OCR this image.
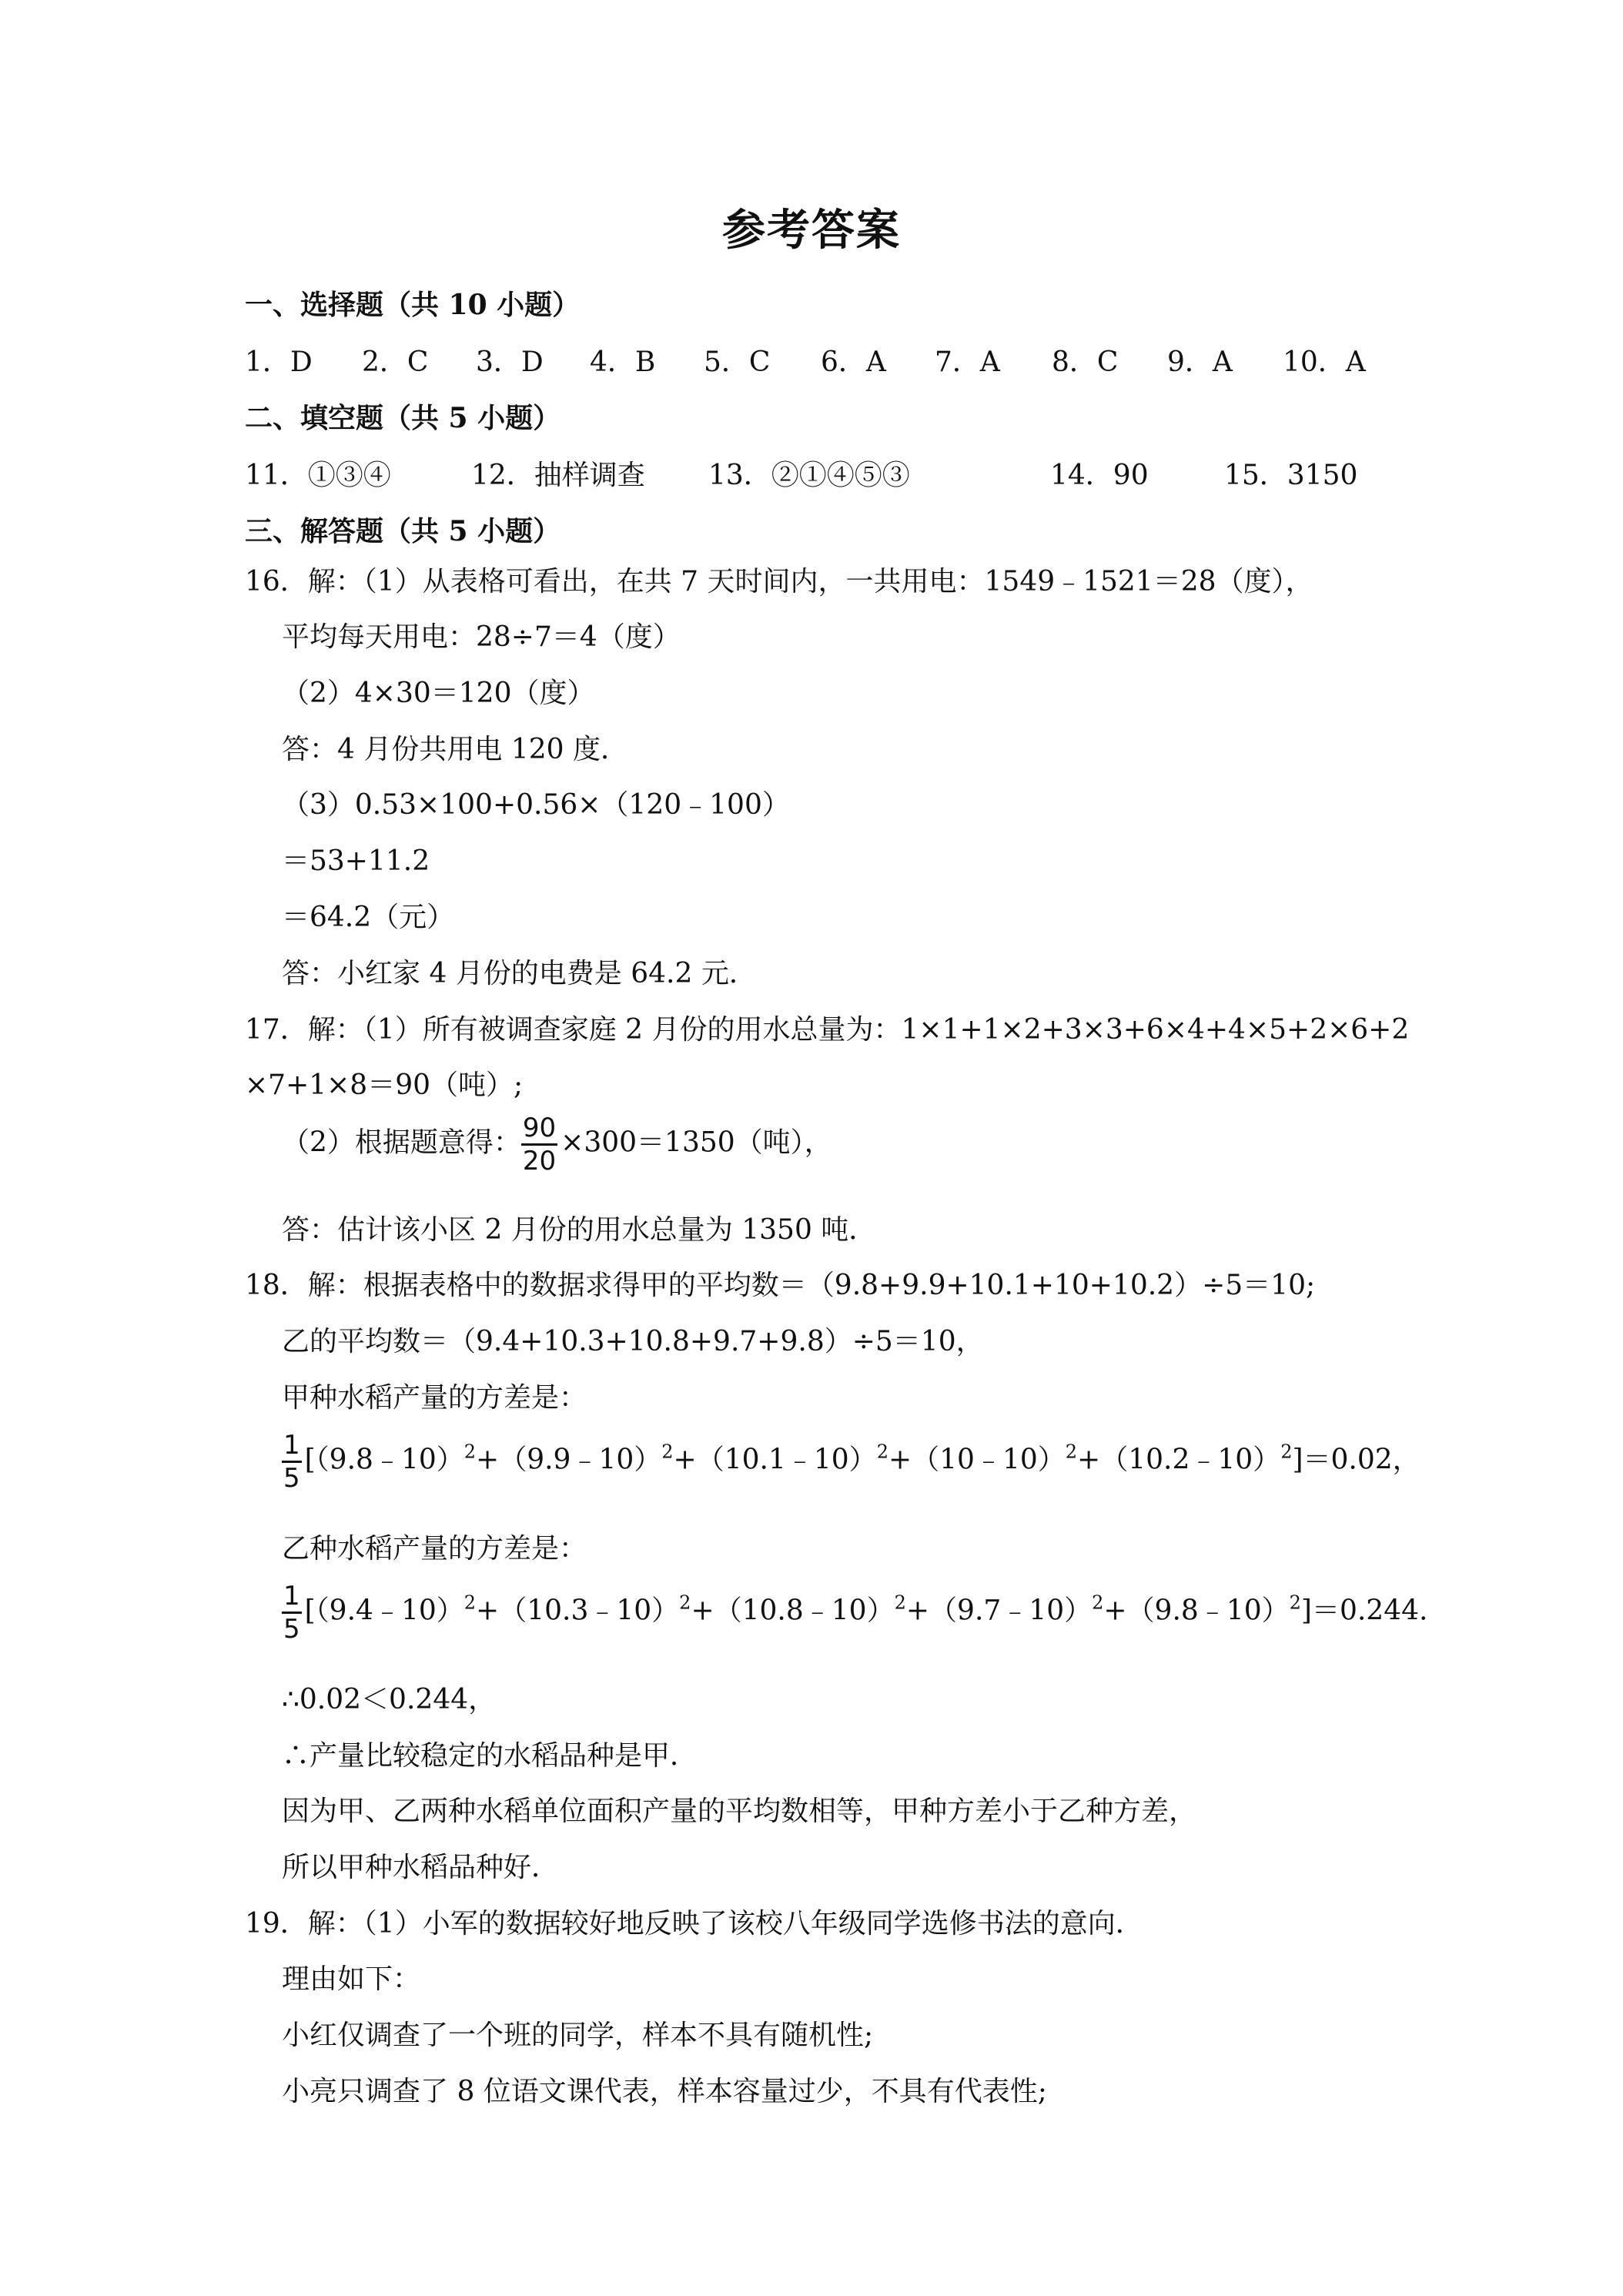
参考答案
一、选择题（共 10 小题）
1．D 2．C 3．D 4．B 5．C 6．A 7．A 8．C 9．A 10．A
二、填空题（共 5 小题）
11．①③④	12．抽样调查 13．②①④⑤③	14．90	15．3150
三、解答题（共 5 小题）
16．解：（1）从表格可看出，在共 7 天时间内，一共用电：1549﹣1521＝28（度），
平均每天用电：28÷7＝4（度）
（2）4×30＝120（度）
答：4 月份共用电 120 度．
（3）0.53×100+0.56×（120﹣100）
＝53+11.2
＝64.2（元）
答：小红家 4 月份的电费是 64.2 元．
17．解：（1）所有被调查家庭 2 月份的用水总量为：1×1+1×2+3×3+6×4+4×5+2×6+2
×7+1×8＝90（吨）;
（2）根据题意得： $\frac{90}{20} \times 300=1350$（吨），
答：估计该小区 2 月份的用水总量为 1350 吨．
18．解：根据表格中的数据求得甲的平均数＝（9.8+9.9+10.1+10+10.2）÷5＝10;
乙的平均数＝（9.4+10.3+10.8+9.7+9.8）÷5＝10，
甲种水稻产量的方差是：
$\frac{1}{5}$ [（9.8﹣10）$^2$+（9.9﹣10）$^2$+（10.1﹣10）$^2$+（10﹣10）$^2$+（10.2﹣10）$^2$]＝0.02，
乙种水稻产量的方差是：
$\frac{1}{5}$ [（9.4﹣10）$^2$+（10.3﹣10）$^2$+（10.8﹣10）$^2$+（9.7﹣10）$^2$+（9.8﹣10）$^2$]＝0.244.
∴0.02＜0.244，
∴产量比较稳定的水稻品种是甲．
因为甲、乙两种水稻单位面积产量的平均数相等，甲种方差小于乙种方差，
所以甲种水稻品种好．
19．解：（1）小军的数据较好地反映了该校八年级同学选修书法的意向．
理由如下：
小红仅调查了一个班的同学，样本不具有随机性;
小亮只调查了 8 位语文课代表，样本容量过少，不具有代表性;
